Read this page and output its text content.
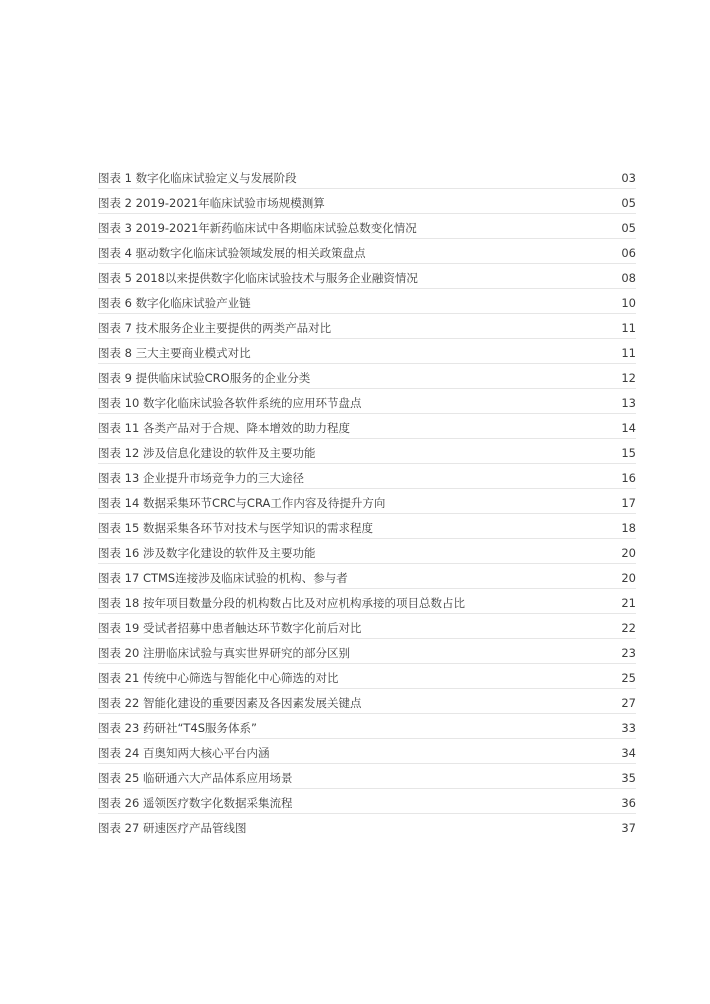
图表 1 数字化临床试验定义与发展阶段	03
图表 2 2019-2021年临床试验市场规模测算	05
图表 3 2019-2021年新药临床试中各期临床试验总数变化情况	05
图表 4 驱动数字化临床试验领域发展的相关政策盘点	06
图表 5 2018以来提供数字化临床试验技术与服务企业融资情况	08
图表 6 数字化临床试验产业链	10
图表 7 技术服务企业主要提供的两类产品对比	11
图表 8 三大主要商业模式对比	11
图表 9 提供临床试验CRO服务的企业分类	12
图表 10 数字化临床试验各软件系统的应用环节盘点	13
图表 11 各类产品对于合规、降本增效的助力程度	14
图表 12 涉及信息化建设的软件及主要功能	15
图表 13 企业提升市场竞争力的三大途径	16
图表 14 数据采集环节CRC与CRA工作内容及待提升方向	17
图表 15 数据采集各环节对技术与医学知识的需求程度	18
图表 16 涉及数字化建设的软件及主要功能	20
图表 17 CTMS连接涉及临床试验的机构、参与者	20
图表 18 按年项目数量分段的机构数占比及对应机构承接的项目总数占比	21
图表 19 受试者招募中患者触达环节数字化前后对比	22
图表 20 注册临床试验与真实世界研究的部分区别	23
图表 21 传统中心筛选与智能化中心筛选的对比	25
图表 22 智能化建设的重要因素及各因素发展关键点	27
图表 23 药研社“T4S服务体系”	33
图表 24 百奥知两大核心平台内涵	34
图表 25 临研通六大产品体系应用场景	35
图表 26 遥领医疗数字化数据采集流程	36
图表 27 研速医疗产品管线图	37
